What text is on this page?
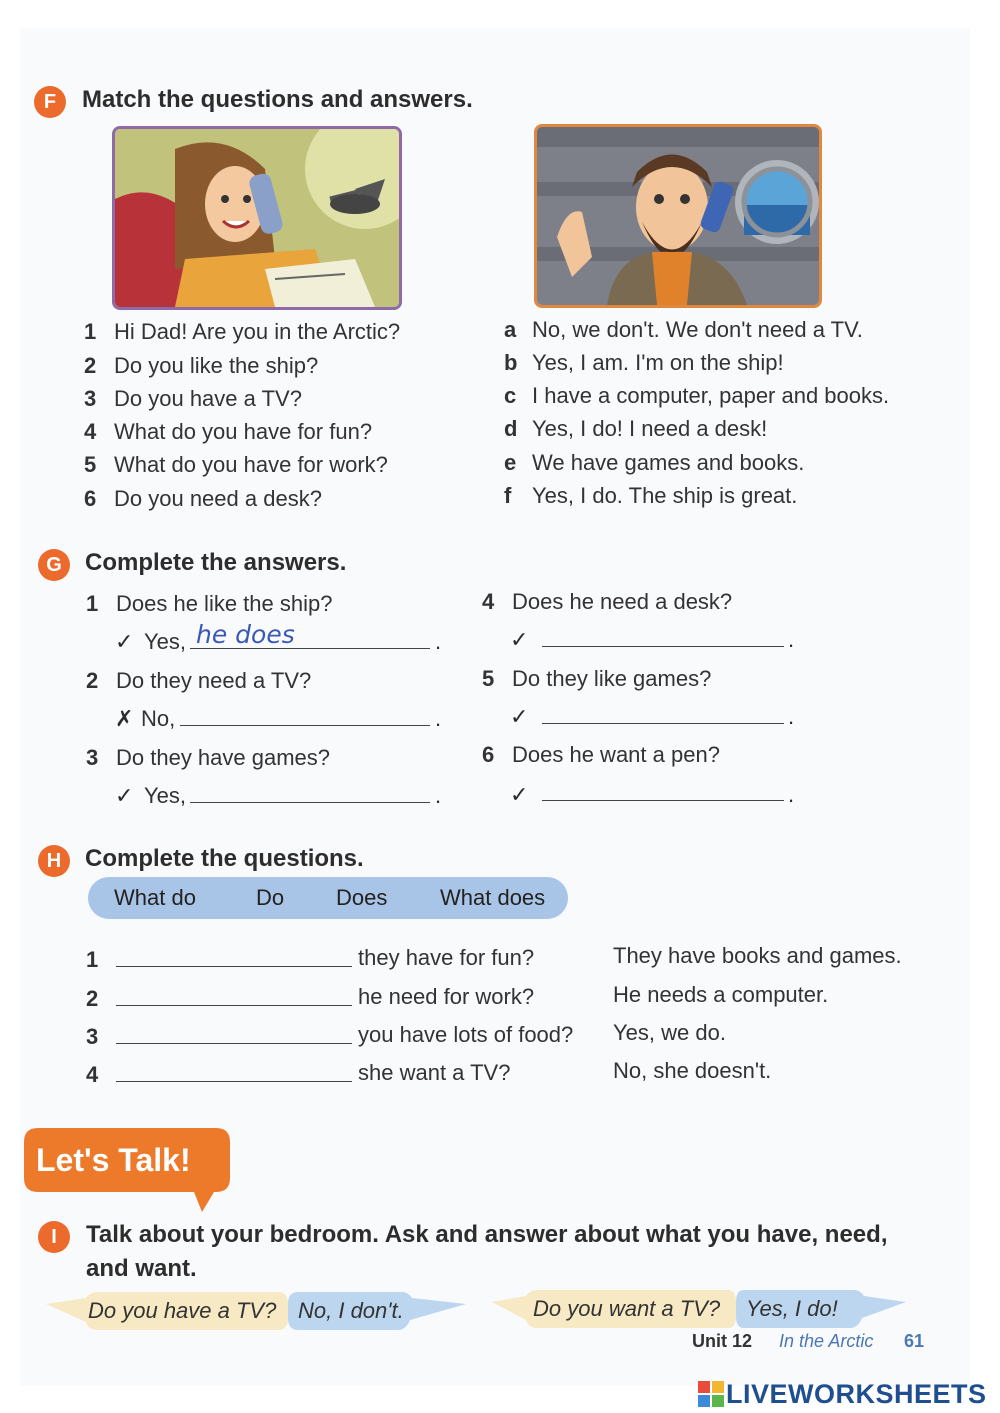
F	Match the questions and answers.
1 Hi Dad! Are you in the Arctic?
2 Do you like the ship?
3 Do you have a TV?
4 What do you have for fun?
5 What do you have for work?
6 Do you need a desk?
a No, we don't. We don't need a TV.
b Yes, I am. I'm on the ship!
c I have a computer, paper and books.
d Yes, I do! I need a desk!
e We have games and books.
f Yes, I do. The ship is great.
G Complete the answers.
1 Does he like the ship?
✓ Yes, he does	.
2 Do they need a TV?
✗ No,	.
3 Do they have games?
✓ Yes,	.
4 Does he need a desk?
✓	.
5 Do they like games?
✓	.
6 Does he want a pen?
✓	.
H Complete the questions.
What do	Do Does What does
1	they have for fun?	They have books and games.
2	he need for work?	He needs a computer.
3	you have lots of food? Yes, we do.
4	she want a TV?	No, she doesn't.
Let's Talk!
I	Talk about your bedroom. Ask and answer about what you have, need,
and want.
Do you have a TV? No, I don't.	Do you want a TV? Yes, I do!
Unit 12 In the Arctic 61
LIVEWORKSHEETS
